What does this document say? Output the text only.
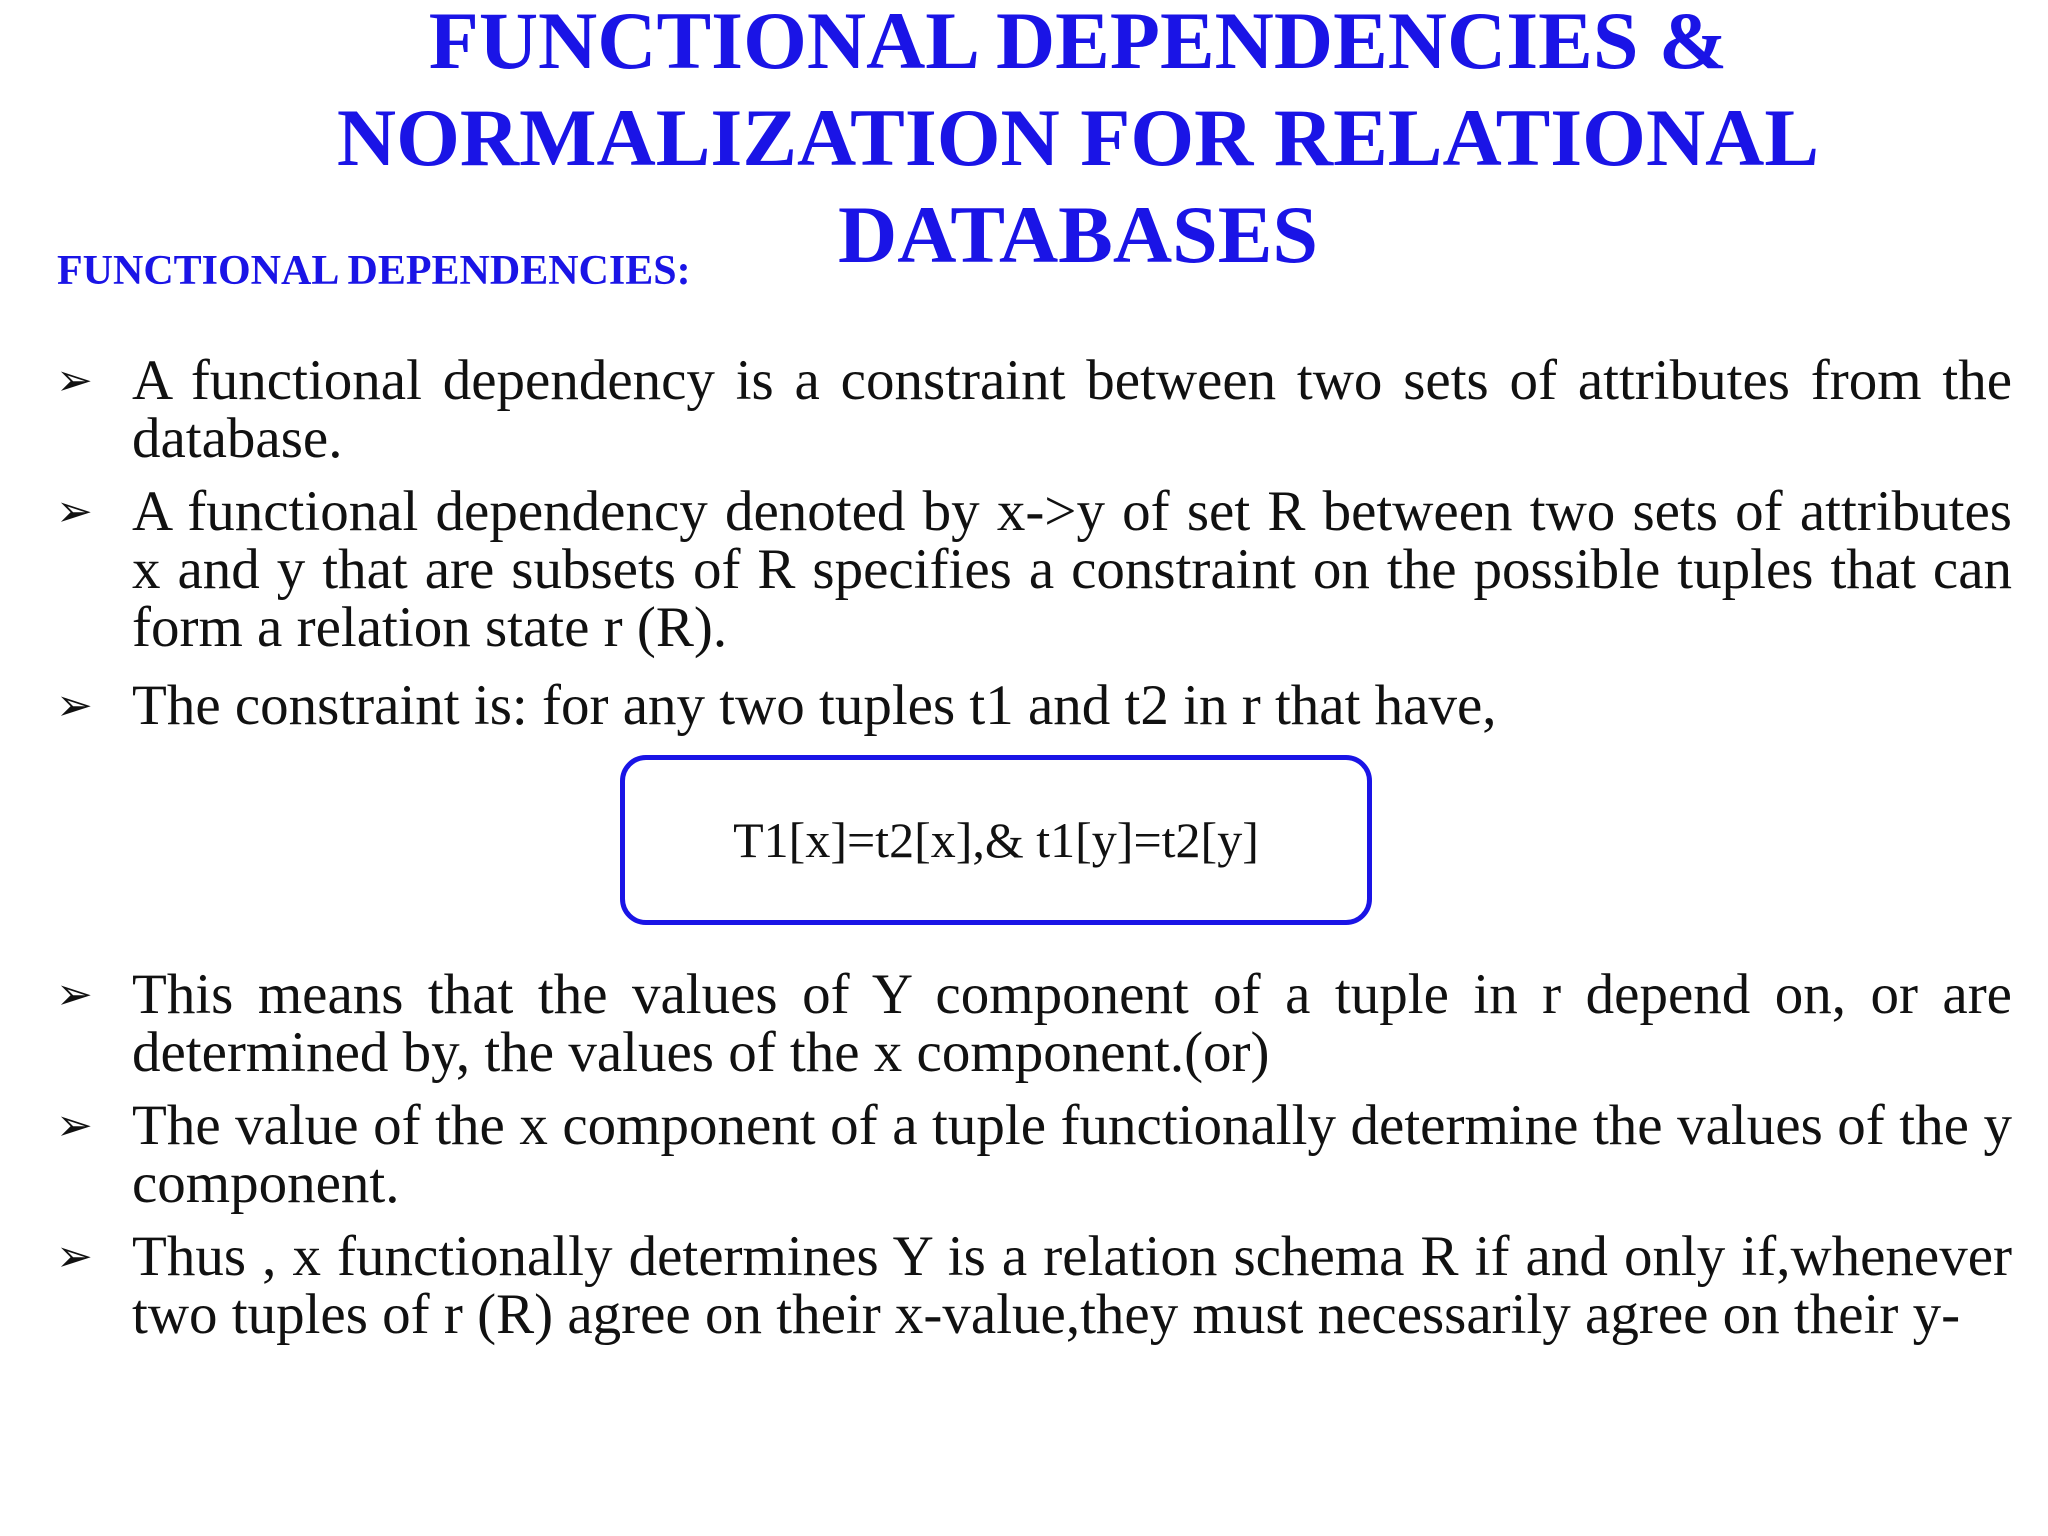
FUNCTIONAL DEPENDENCIES &
NORMALIZATION FOR RELATIONAL
DATABASES
FUNCTIONAL DEPENDENCIES:
➢ A functional dependency is a constraint between two sets of attributes from the database.
➢ A functional dependency denoted by x->y of set R between two sets of attributes x and y that are subsets of R specifies a constraint on the possible tuples that can form a relation state r (R).
➢ The constraint is: for any two tuples t1 and t2 in r that have,
➢ This means that the values of Y component of a tuple in r depend on, or are determined by, the values of the x component.(or)
➢ The value of the x component of a tuple functionally determine the values of the y component.
➢ Thus , x functionally determines Y is a relation schema R if and only if,whenever two tuples of r (R) agree on their x-value,they must necessarily agree on their y-
T1[x]=t2[x],& t1[y]=t2[y]
